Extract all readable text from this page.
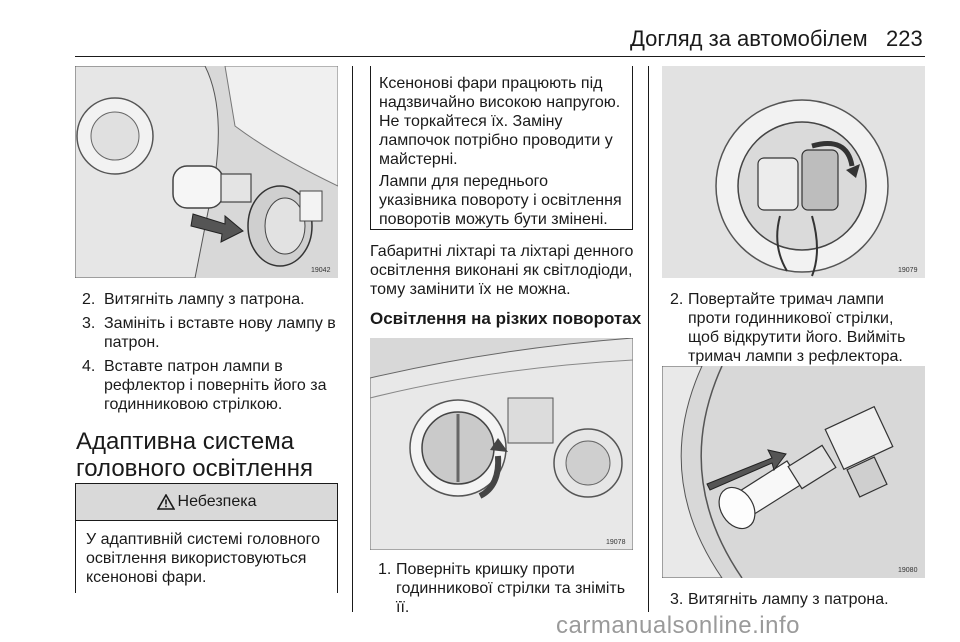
Догляд за автомобілем 223
19042
2. Витягніть лампу з патрона.
3. Замініть і вставте нову лампу в
патрон.
4. Вставте патрон лампи в
рефлектор і поверніть його за
годинниковою стрілкою.
Адаптивна система
головного освітлення
Небезпека
У адаптивній системі головного
освітлення використовуються
ксенонові фари.
Ксенонові фари працюють під
надзвичайно високою напругою.
Не торкайтеся їх. Заміну
лампочок потрібно проводити у
майстерні.
Лампи для переднього
указівника повороту і освітлення
поворотів можуть бути змінені.
Габаритні ліхтарі та ліхтарі денного
освітлення виконані як світлодіоди,
тому замінити їх не можна.
Освітлення на різких поворотах
19078
1. Поверніть кришку проти
годинникової стрілки та зніміть
її.
19079
2. Повертайте тримач лампи
проти годинникової стрілки,
щоб відкрутити його. Вийміть
тримач лампи з рефлектора.
19080
3. Витягніть лампу з патрона.
carmanualsonline.info
